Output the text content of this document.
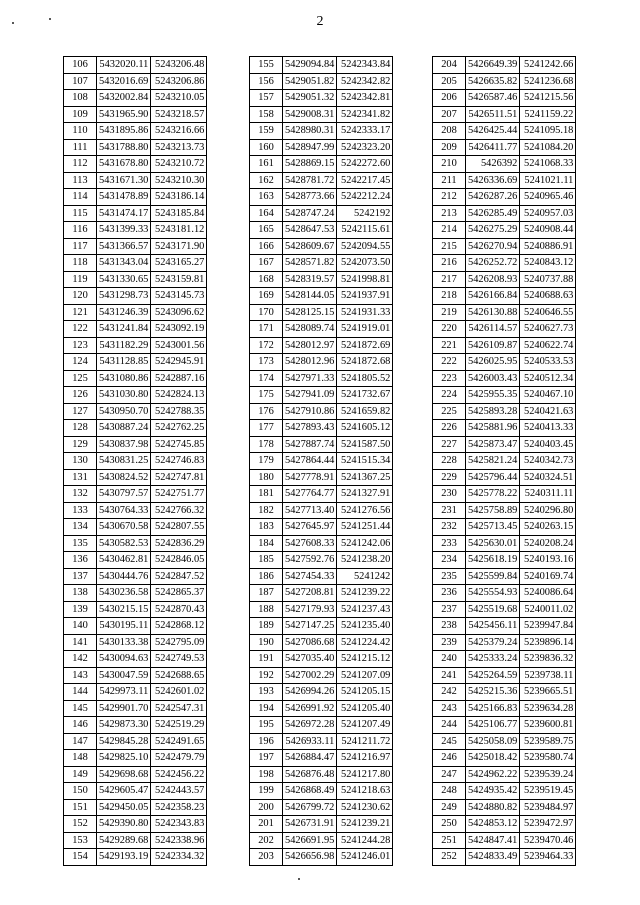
2
106	5432020.11	5243206.48
107	5432016.69	5243206.86
108	5432002.84	5243210.05
109	5431965.90	5243218.57
110	5431895.86	5243216.66
111	5431788.80	5243213.73
112	5431678.80	5243210.72
113	5431671.30	5243210.30
114	5431478.89	5243186.14
115	5431474.17	5243185.84
116	5431399.33	5243181.12
117	5431366.57	5243171.90
118	5431343.04	5243165.27
119	5431330.65	5243159.81
120	5431298.73	5243145.73
121	5431246.39	5243096.62
122	5431241.84	5243092.19
123	5431182.29	5243001.56
124	5431128.85	5242945.91
125	5431080.86	5242887.16
126	5431030.80	5242824.13
127	5430950.70	5242788.35
128	5430887.24	5242762.25
129	5430837.98	5242745.85
130	5430831.25	5242746.83
131	5430824.52	5242747.81
132	5430797.57	5242751.77
133	5430764.33	5242766.32
134	5430670.58	5242807.55
135	5430582.53	5242836.29
136	5430462.81	5242846.05
137	5430444.76	5242847.52
138	5430236.58	5242865.37
139	5430215.15	5242870.43
140	5430195.11	5242868.12
141	5430133.38	5242795.09
142	5430094.63	5242749.53
143	5430047.59	5242688.65
144	5429973.11	5242601.02
145	5429901.70	5242547.31
146	5429873.30	5242519.29
147	5429845.28	5242491.65
148	5429825.10	5242479.79
149	5429698.68	5242456.22
150	5429605.47	5242443.57
151	5429450.05	5242358.23
152	5429390.80	5242343.83
153	5429289.68	5242338.96
154	5429193.19	5242334.32
155	5429094.84	5242343.84
156	5429051.82	5242342.82
157	5429051.32	5242342.81
158	5429008.31	5242341.82
159	5428980.31	5242333.17
160	5428947.99	5242323.20
161	5428869.15	5242272.60
162	5428781.72	5242217.45
163	5428773.66	5242212.24
164	5428747.24	5242192
165	5428647.53	5242115.61
166	5428609.67	5242094.55
167	5428571.82	5242073.50
168	5428319.57	5241998.81
169	5428144.05	5241937.91
170	5428125.15	5241931.33
171	5428089.74	5241919.01
172	5428012.97	5241872.69
173	5428012.96	5241872.68
174	5427971.33	5241805.52
175	5427941.09	5241732.67
176	5427910.86	5241659.82
177	5427893.43	5241605.12
178	5427887.74	5241587.50
179	5427864.44	5241515.34
180	5427778.91	5241367.25
181	5427764.77	5241327.91
182	5427713.40	5241276.56
183	5427645.97	5241251.44
184	5427608.33	5241242.06
185	5427592.76	5241238.20
186	5427454.33	5241242
187	5427208.81	5241239.22
188	5427179.93	5241237.43
189	5427147.25	5241235.40
190	5427086.68	5241224.42
191	5427035.40	5241215.12
192	5427002.29	5241207.09
193	5426994.26	5241205.15
194	5426991.92	5241205.40
195	5426972.28	5241207.49
196	5426933.11	5241211.72
197	5426884.47	5241216.97
198	5426876.48	5241217.80
199	5426868.49	5241218.63
200	5426799.72	5241230.62
201	5426731.91	5241239.21
202	5426691.95	5241244.28
203	5426656.98	5241246.01
204	5426649.39	5241242.66
205	5426635.82	5241236.68
206	5426587.46	5241215.56
207	5426511.51	5241159.22
208	5426425.44	5241095.18
209	5426411.77	5241084.20
210	5426392	5241068.33
211	5426336.69	5241021.11
212	5426287.26	5240965.46
213	5426285.49	5240957.03
214	5426275.29	5240908.44
215	5426270.94	5240886.91
216	5426252.72	5240843.12
217	5426208.93	5240737.88
218	5426166.84	5240688.63
219	5426130.88	5240646.55
220	5426114.57	5240627.73
221	5426109.87	5240622.74
222	5426025.95	5240533.53
223	5426003.43	5240512.34
224	5425955.35	5240467.10
225	5425893.28	5240421.63
226	5425881.96	5240413.33
227	5425873.47	5240403.45
228	5425821.24	5240342.73
229	5425796.44	5240324.51
230	5425778.22	5240311.11
231	5425758.89	5240296.80
232	5425713.45	5240263.15
233	5425630.01	5240208.24
234	5425618.19	5240193.16
235	5425599.84	5240169.74
236	5425554.93	5240086.64
237	5425519.68	5240011.02
238	5425456.11	5239947.84
239	5425379.24	5239896.14
240	5425333.24	5239836.32
241	5425264.59	5239738.11
242	5425215.36	5239665.51
243	5425166.83	5239634.28
244	5425106.77	5239600.81
245	5425058.09	5239589.75
246	5425018.42	5239580.74
247	5424962.22	5239539.24
248	5424935.42	5239519.45
249	5424880.82	5239484.97
250	5424853.12	5239472.97
251	5424847.41	5239470.46
252	5424833.49	5239464.33
